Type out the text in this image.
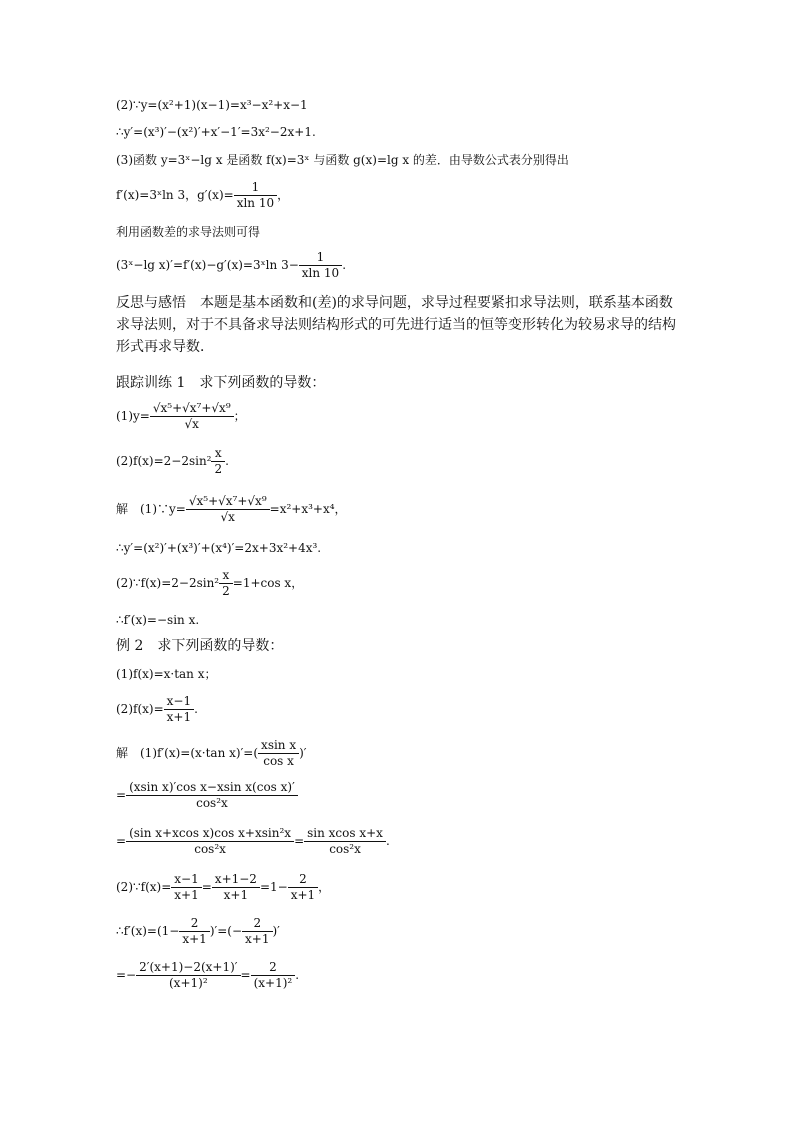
(2)∵y=(x²+1)(x−1)=x³−x²+x−1
∴y′=(x³)′−(x²)′+x′−1′=3x²−2x+1.
(3)函数 y=3ˣ−lg x 是函数 f(x)=3ˣ 与函数 g(x)=lg x 的差．由导数公式表分别得出
f′(x)=3ˣln 3，$g'(x)= \frac{1}{xln 10}$ ，
利用函数差的求导法则可得
(3ˣ−lg x)′=f′(x)−g′(x)=3ˣln $3- \frac{1}{xln 10}$ .
反思与感悟　本题是基本函数和(差)的求导问题，求导过程要紧扣求导法则，联系基本函数求导法则，对于不具备求导法则结构形式的可先进行适当的恒等变形转化为较易求导的结构形式再求导数．
跟踪训练 1　求下列函数的导数：
$(1)y= \frac{\text{√x⁵+√x⁷+√x⁹}}{√x}$ ；
$(2)f(x)=2-2\sin^2 \frac{x}{2}$ .
解　(1)∵y= $\frac{\text{√x⁵+√x⁷+√x⁹}}{√x} =x^2+x^3+x^4$，
∴y′=(x²)′+(x³)′+(x⁴)′=2x+3x²+4x³.
(2)∵f(x)=2−2sin² $\frac{x}{2} =1+\cos$ x，
∴f′(x)=−sin x.
例 2　求下列函数的导数：
(1)f(x)=x·tan x；
$(2)f(x)= \frac{x-1}{x+1}$ .
解　(1)f′(x)=(x·tan $x)'=( \frac{\text{xsin x}}{\text{cos x}}$ )′
= $\frac{\text{(xsin x)′cos x−xsin x(cos x)′}}{\text{cos²x}}$
= $\frac{\text{(sin x+xcos x)cos x+xsin²x}}{\text{cos²x}} = \frac{\text{sin xcos x+x}}{\text{cos²x}}$ .
(2)∵f(x)= $\frac{x-1}{x+1} = \frac{x+1-2}{x+1} =1- \frac{2}{x+1}$ ，
∴f′(x)=(1− $\frac{2}{x+1}$ )′=(− $\frac{2}{x+1}$ )′
=− $\frac{2'(x+1)-2(x+1)'}{\text{(x+1)²}} = \frac{2}{\text{(x+1)²}}$ .
